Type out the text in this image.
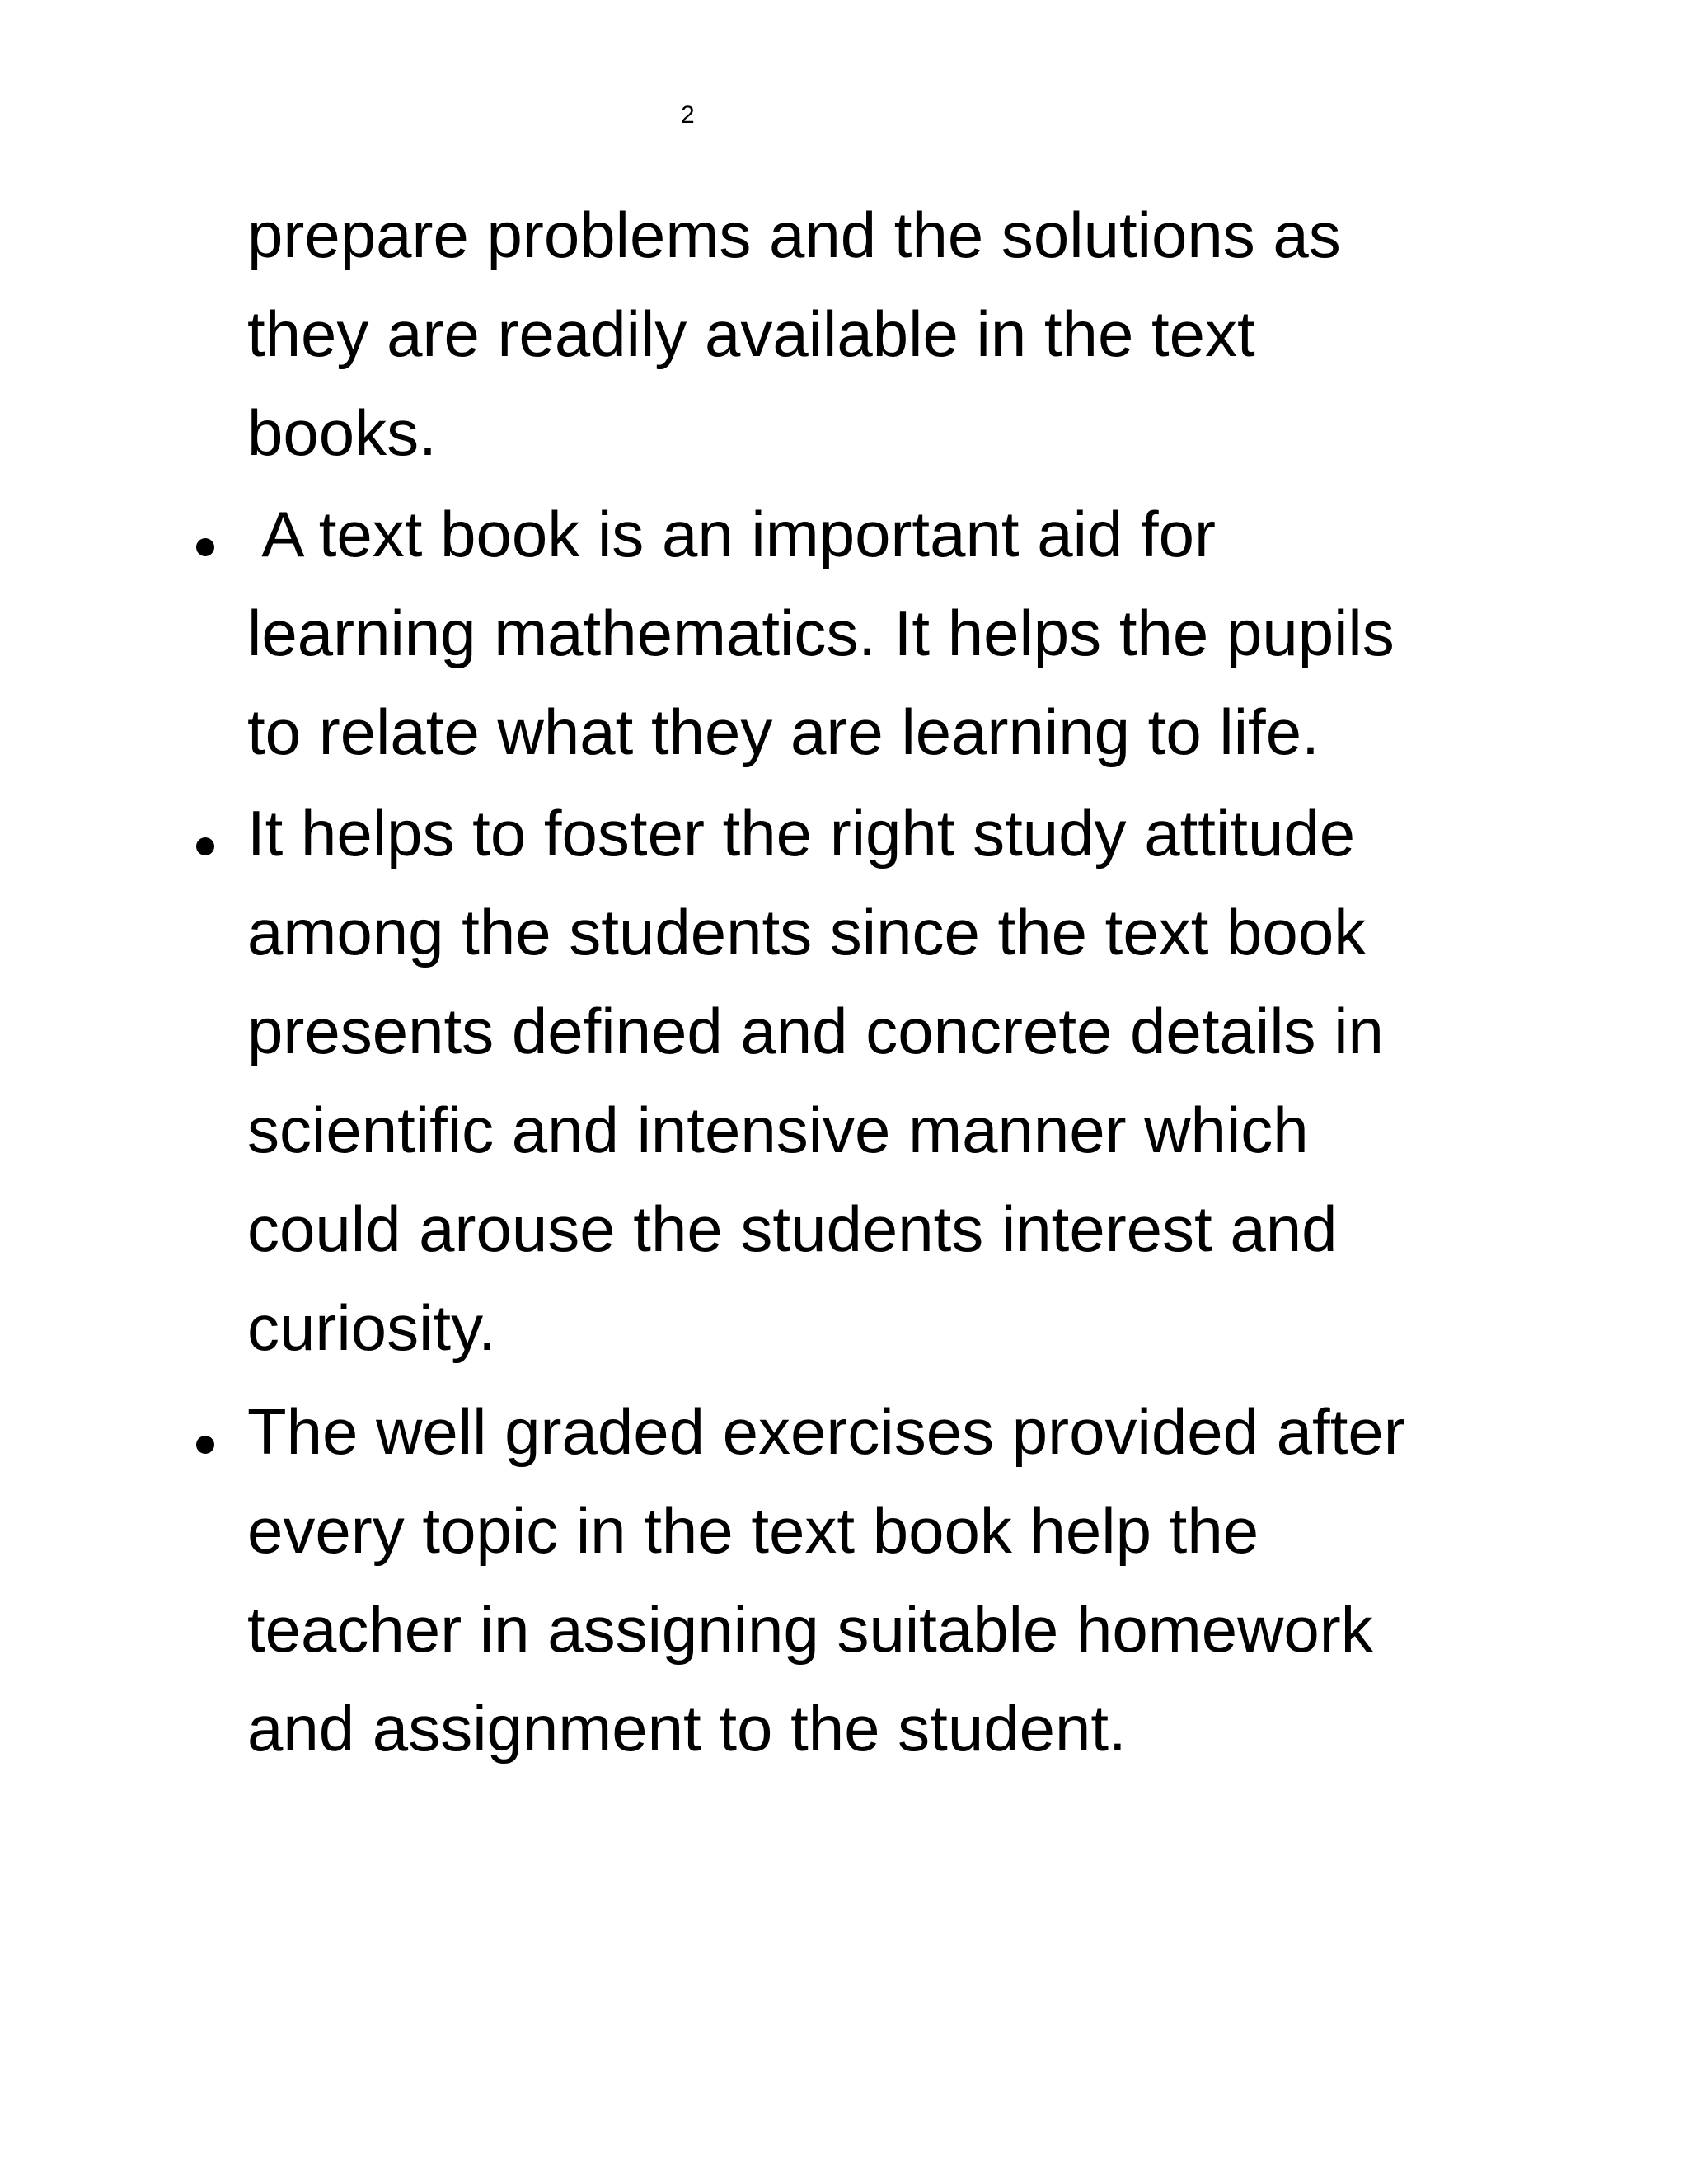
2
prepare problems and the solutions as
they are readily available in the text
books.
A text book is an important aid for
learning mathematics. It helps the pupils
to relate what they are learning to life.
It helps to foster the right study attitude
among the students since the text book
presents defined and concrete details in
scientific and intensive manner which
could arouse the students interest and
curiosity.
The well graded exercises provided after
every topic in the text book help the
teacher in assigning suitable homework
and assignment to the student.
